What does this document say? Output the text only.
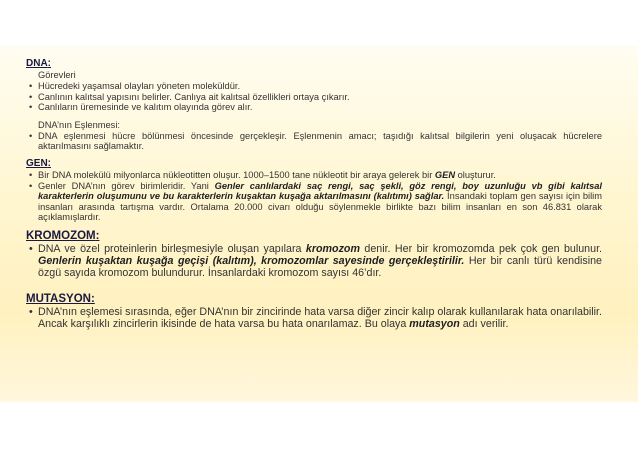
DNA:
Görevleri
• Hücredeki yaşamsal olayları yöneten moleküldür.
• Canlının kalıtsal yapısını belirler. Canlıya ait kalıtsal özellikleri ortaya çıkarır.
• Canlıların üremesinde ve kalıtım olayında görev alır.
DNA’nın Eşlenmesi:
• DNA eşlenmesi hücre bölünmesi öncesinde gerçekleşir. Eşlenmenin amacı; taşıdığı kalıtsal bilgilerin yeni oluşacak hücrelere aktarılmasını sağlamaktır.
GEN:
• Bir DNA molekülü milyonlarca nükleotitten oluşur. 1000–1500 tane nükleotit bir araya gelerek bir GEN oluşturur.
• Genler DNA’nın görev birimleridir. Yani Genler canlılardaki saç rengi, saç şekli, göz rengi, boy uzunluğu vb gibi kalıtsal karakterlerin oluşumunu ve bu karakterlerin kuşaktan kuşağa aktarılmasını (kalıtımı) sağlar. İnsandaki toplam gen sayısı için bilim insanları arasında tartışma vardır. Ortalama 20.000 civarı olduğu söylenmekle birlikte bazı bilim insanları en son 46.831 olarak açıklamışlardır.
KROMOZOM:
• DNA ve özel proteinlerin birleşmesiyle oluşan yapılara kromozom denir. Her bir kromozomda pek çok gen bulunur. Genlerin kuşaktan kuşağa geçişi (kalıtım), kromozomlar sayesinde gerçekleştirilir. Her bir canlı türü kendisine özgü sayıda kromozom bulundurur. İnsanlardaki kromozom sayısı 46’dır.
MUTASYON:
• DNA’nın eşlemesi sırasında, eğer DNA’nın bir zincirinde hata varsa diğer zincir kalıp olarak kullanılarak hata onarılabilir. Ancak karşılıklı zincirlerin ikisinde de hata varsa bu hata onarılamaz. Bu olaya mutasyon adı verilir.
